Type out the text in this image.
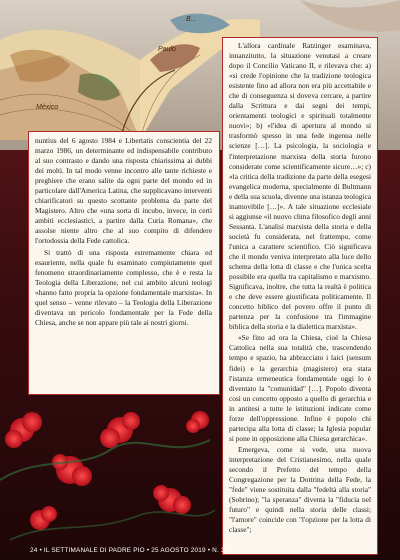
Paulo
México
B...

nuntius del 6 agosto 1984 e Libertatis conscientia del 22 marzo 1986, un determinante ed indispensabile contributo al suo contrasto e dando una risposta chiarissima ai dubbi dei molti. In tal modo venne incontro alle tante richieste e preghiere che erano salite da ogni parte del mondo ed in particolare dall'America Latina, che supplicavano interventi chiarificatori su questo scottante problema da parte del Magistero. Altro che «una sorta di incubo, invece, in certi ambiti ecclesiastici, a partire dalla Curia Romana», che assolse niente altro che al suo compito di difendere l'ortodossia della Fede cattolica.

Si trattò di una risposta estremamente chiara ed esauriente, nella quale fu esaminato compiutamente quel fenomeno straordinariamente complesso, che è e resta la Teologia della Liberazione, nel cui ambito alcuni teologi «hanno fatto propria la opzione fondamentale marxista». In quel senso – venne rilevato – la Teologia della Liberazione diventava un pericolo fondamentale per la Fede della Chiesa, anche se non appare più tale ai nostri giorni.

L'allora cardinale Ratzinger esaminava, innanzitutto, la situazione venutasi a creare dopo il Concilio Vaticano II, e rilevava che: a) «si crede l'opinione che la tradizione teologica esistente fino ad allora non era più accettabile e che di conseguenza si doveva cercare, a partire dalla Scrittura e dai segni dei tempi, orientamenti teologici e spirituali totalmente nuovi»; b) «l'idea di apertura al mondo si trasformò spesso in una fede ingenua nelle scienze […]. La psicologia, la sociologia e l'interpretazione marxista della storia furono considerate come scientificamente sicure…»; c) «la critica della tradizione da parte della esegesi evangelica moderna, specialmente di Bultmann e della sua scuola, divenne una istanza teologica inamovibile […]». A tale situazione ecclesiale si aggiunse «il nuovo clima filosofico degli anni Sessanta. L'analisi marxista della storia e della società fu considerata, nel frattempo, come l'unica a carattere scientifico. Ciò significava che il mondo veniva interpretato alla luce dello schema della lotta di classe e che l'unica scelta possibile era quella tra capitalismo e marxismo. Significava, inoltre, che tutta la realtà è politica e che deve essere giustificata politicamente. Il concetto biblico del povero offre il punto di partenza per la confusione tra l'immagine biblica della storia e la dialettica marxista».

«Se fino ad ora la Chiesa, cioè la Chiesa Cattolica nella sua totalità che, trascendendo tempo e spazio, ha abbracciato i laici (sensum fidei) e la gerarchia (magistero) era stata l'istanza ermeneutica fondamentale oggi lo è diventato la "comunidad" […]. Popolo diventa così un concetto opposto a quello di gerarchia e in antitesi a tutte le istituzioni indicate come forze dell'oppressione. Infine è popolo chi partecipa alla lotta di classe; la Iglesia popular si pone in opposizione alla Chiesa gerarchica».

Emergeva, come si vede, una nuova interpretazione del Cristianesimo, nella quale secondo il Prefetto del tempo della Congregazione per la Dottrina della Fede, la "fede" viene sostituita dalla "fedeltà alla storia" (Sobrino); "la speranza" diventa la "fiducia nel futuro" e quindi nella storia delle classi; "l'amore" coincide con "l'opzione per la lotta di classe";

24 • IL SETTIMANALE DI PADRE PIO • 25 AGOSTO 2019 • N. 33
